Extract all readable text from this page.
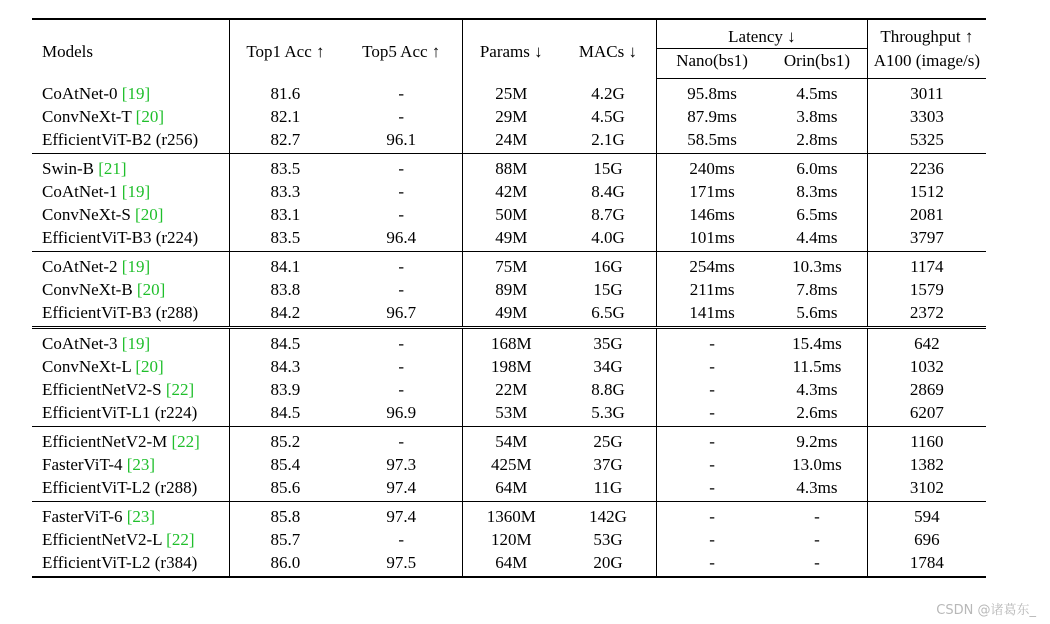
Models	Top1 Acc ↑	Top5 Acc ↑	Params ↓	MACs ↓	Latency ↓		Throughput ↑
					Nano(bs1)	Orin(bs1)	A100 (image/s)
CoAtNet-0 [19]	81.6	-	25M	4.2G	95.8ms	4.5ms	3011
ConvNeXt-T [20]	82.1	-	29M	4.5G	87.9ms	3.8ms	3303
EfficientViT-B2 (r256)	82.7	96.1	24M	2.1G	58.5ms	2.8ms	5325
Swin-B [21]	83.5	-	88M	15G	240ms	6.0ms	2236
CoAtNet-1 [19]	83.3	-	42M	8.4G	171ms	8.3ms	1512
ConvNeXt-S [20]	83.1	-	50M	8.7G	146ms	6.5ms	2081
EfficientViT-B3 (r224)	83.5	96.4	49M	4.0G	101ms	4.4ms	3797
CoAtNet-2 [19]	84.1	-	75M	16G	254ms	10.3ms	1174
ConvNeXt-B [20]	83.8	-	89M	15G	211ms	7.8ms	1579
EfficientViT-B3 (r288)	84.2	96.7	49M	6.5G	141ms	5.6ms	2372
CoAtNet-3 [19]	84.5	-	168M	35G	-	15.4ms	642
ConvNeXt-L [20]	84.3	-	198M	34G	-	11.5ms	1032
EfficientNetV2-S [22]	83.9	-	22M	8.8G	-	4.3ms	2869
EfficientViT-L1 (r224)	84.5	96.9	53M	5.3G	-	2.6ms	6207
EfficientNetV2-M [22]	85.2	-	54M	25G	-	9.2ms	1160
FasterViT-4 [23]	85.4	97.3	425M	37G	-	13.0ms	1382
EfficientViT-L2 (r288)	85.6	97.4	64M	11G	-	4.3ms	3102
FasterViT-6 [23]	85.8	97.4	1360M	142G	-	-	594
EfficientNetV2-L [22]	85.7	-	120M	53G	-	-	696
EfficientViT-L2 (r384)	86.0	97.5	64M	20G	-	-	1784
CSDN @诸葛东_
